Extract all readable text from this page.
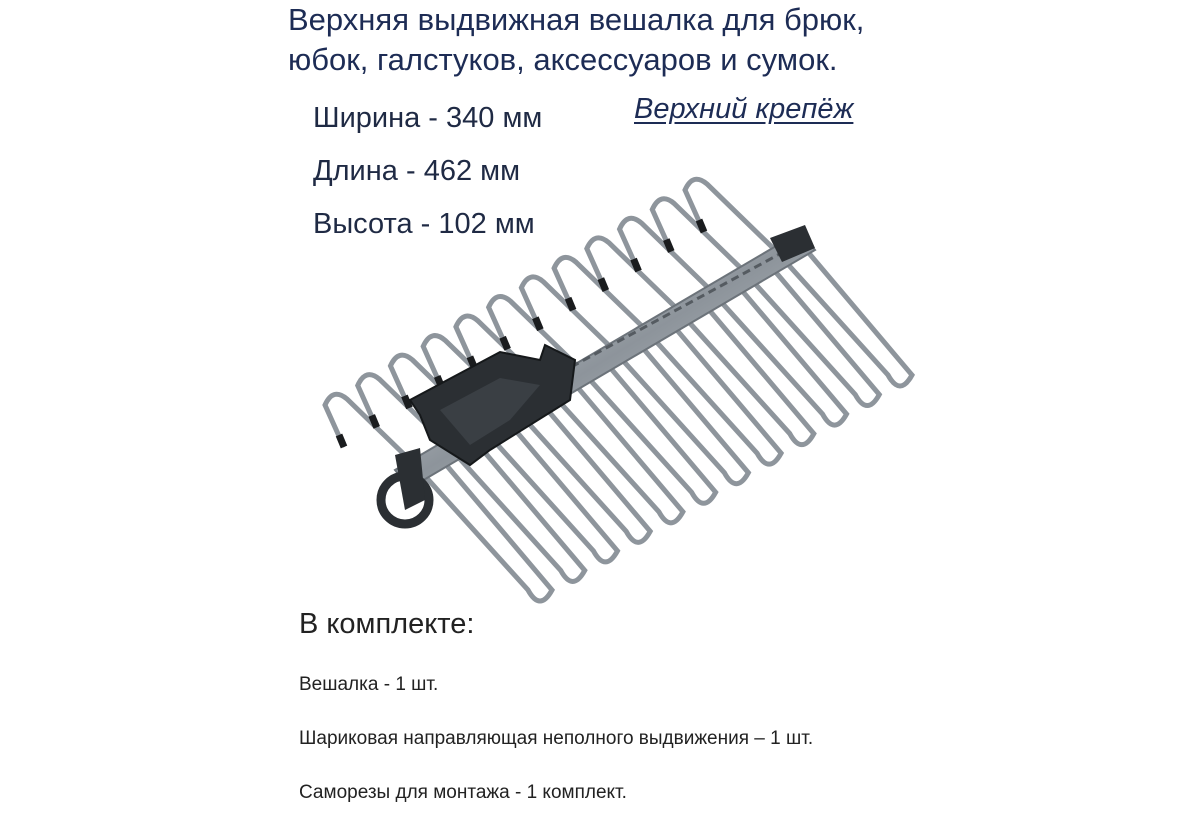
Верхняя выдвижная вешалка для брюк,
юбок, галстуков, аксессуаров и сумок.
Ширина - 340 мм
Длина - 462 мм
Высота - 102 мм
Верхний крепёж
В комплекте:
Вешалка - 1 шт.
Шариковая направляющая неполного выдвижения – 1 шт.
Саморезы для монтажа - 1 комплект.
